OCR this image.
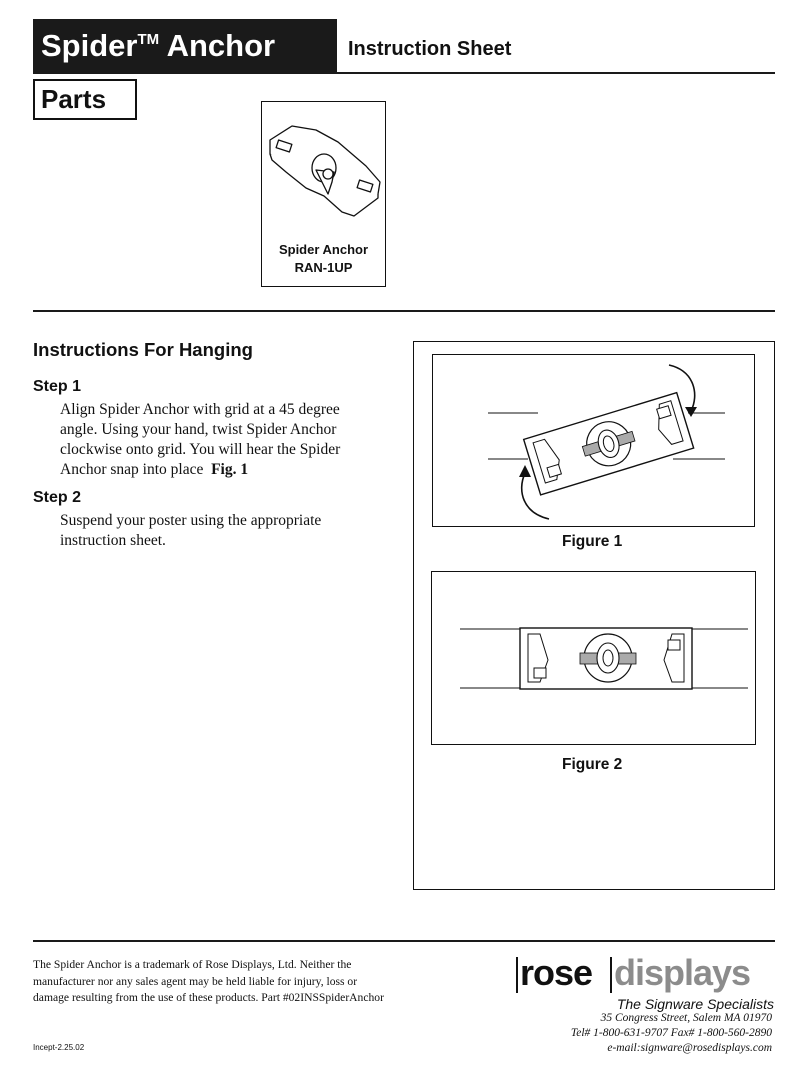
Spider™ Anchor	Instruction Sheet
Parts
Spider Anchor
RAN-1UP
Instructions For Hanging
Step 1
Align Spider Anchor with grid at a 45 degree angle. Using your hand, twist Spider Anchor clockwise onto grid. You will hear the Spider Anchor snap into place Fig. 1
Step 2
Suspend your poster using the appropriate instruction sheet.	Figure 1
Figure 2
The Spider Anchor is a trademark of Rose Displays, Ltd. Neither the manufacturer nor any sales agent may be held liable for injury, loss or damage resulting from the use of these products. Part #02INSSpiderAnchor
Incept-2.25.02
rose displays
The Signware Specialists
35 Congress Street, Salem MA 01970
Tel# 1-800-631-9707 Fax# 1-800-560-2890
e-mail:signware@rosedisplays.com
